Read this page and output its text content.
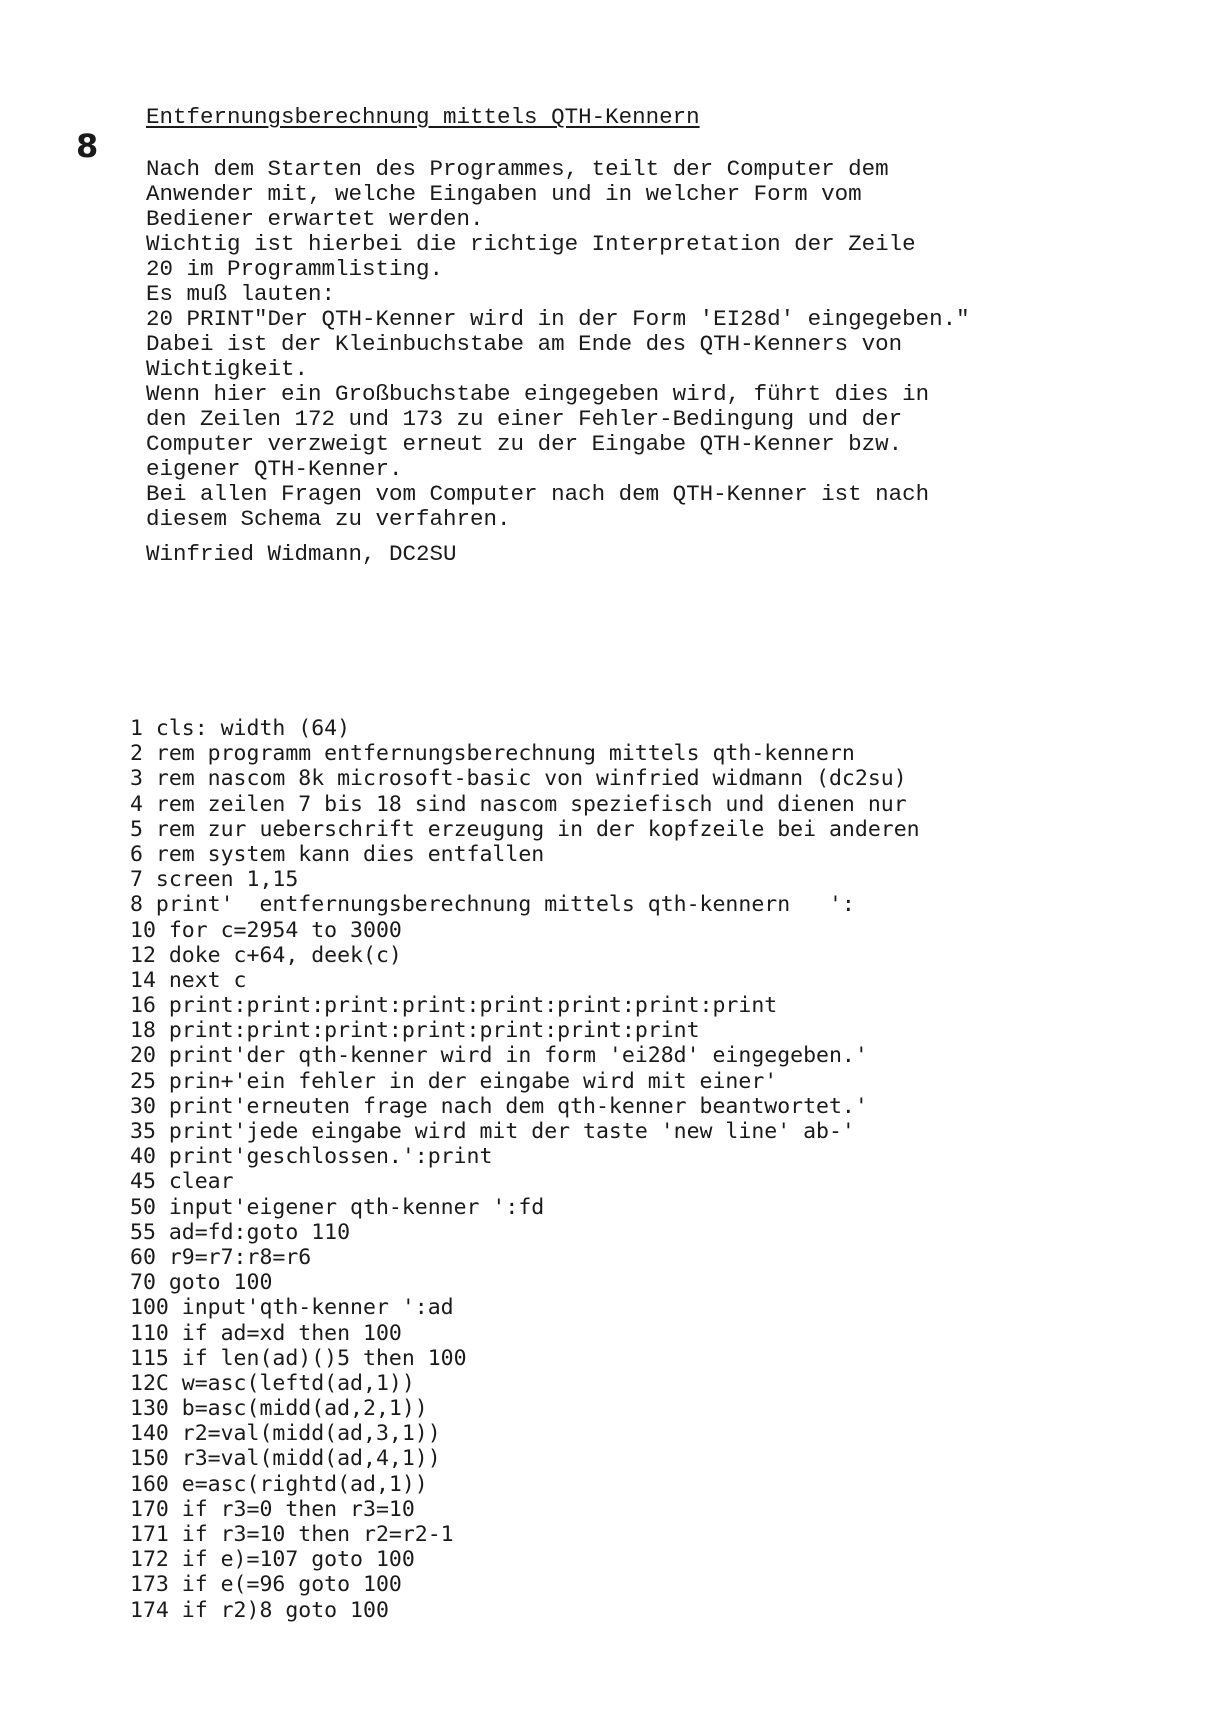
8
Entfernungsberechnung mittels QTH-Kennern
Nach dem Starten des Programmes, teilt der Computer dem
Anwender mit, welche Eingaben und in welcher Form vom
Bediener erwartet werden.
Wichtig ist hierbei die richtige Interpretation der Zeile
20 im Programmlisting.
Es muß lauten:
20 PRINT"Der QTH-Kenner wird in der Form 'EI28d' eingegeben."
Dabei ist der Kleinbuchstabe am Ende des QTH-Kenners von
Wichtigkeit.
Wenn hier ein Großbuchstabe eingegeben wird, führt dies in
den Zeilen 172 und 173 zu einer Fehler-Bedingung und der
Computer verzweigt erneut zu der Eingabe QTH-Kenner bzw.
eigener QTH-Kenner.
Bei allen Fragen vom Computer nach dem QTH-Kenner ist nach
diesem Schema zu verfahren.
Winfried Widmann, DC2SU
1 cls: width (64)
2 rem programm entfernungsberechnung mittels qth-kennern
3 rem nascom 8k microsoft-basic von winfried widmann (dc2su)
4 rem zeilen 7 bis 18 sind nascom speziefisch und dienen nur
5 rem zur ueberschrift erzeugung in der kopfzeile bei anderen
6 rem system kann dies entfallen
7 screen 1,15
8 print'  entfernungsberechnung mittels qth-kennern   ':
10 for c=2954 to 3000
12 doke c+64, deek(c)
14 next c
16 print:print:print:print:print:print:print:print
18 print:print:print:print:print:print:print
20 print'der qth-kenner wird in form 'ei28d' eingegeben.'
25 prin+'ein fehler in der eingabe wird mit einer'
30 print'erneuten frage nach dem qth-kenner beantwortet.'
35 print'jede eingabe wird mit der taste 'new line' ab-'
40 print'geschlossen.':print
45 clear
50 input'eigener qth-kenner ':fd
55 ad=fd:goto 110
60 r9=r7:r8=r6
70 goto 100
100 input'qth-kenner ':ad
110 if ad=xd then 100
115 if len(ad)()5 then 100
12C w=asc(leftd(ad,1))
130 b=asc(midd(ad,2,1))
140 r2=val(midd(ad,3,1))
150 r3=val(midd(ad,4,1))
160 e=asc(rightd(ad,1))
170 if r3=0 then r3=10
171 if r3=10 then r2=r2-1
172 if e)=107 goto 100
173 if e(=96 goto 100
174 if r2)8 goto 100
